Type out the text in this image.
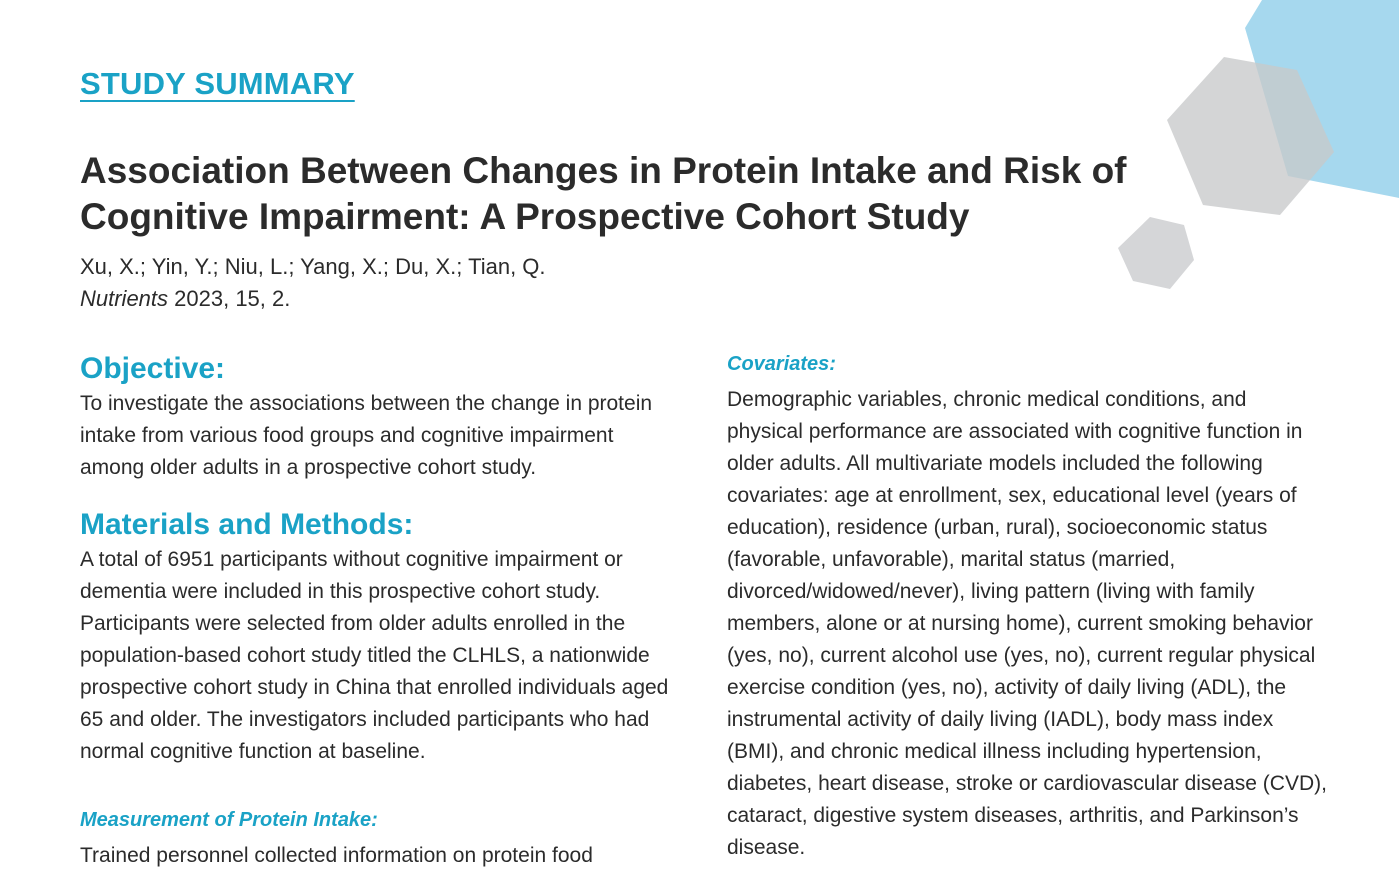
STUDY SUMMARY
Association Between Changes in Protein Intake and Risk of Cognitive Impairment: A Prospective Cohort Study
Xu, X.; Yin, Y.; Niu, L.; Yang, X.; Du, X.; Tian, Q.
Nutrients 2023, 15, 2.
Objective:

To investigate the associations between the change in protein intake from various food groups and cognitive impairment among older adults in a prospective cohort study.

Materials and Methods:

A total of 6951 participants without cognitive impairment or dementia were included in this prospective cohort study. Participants were selected from older adults enrolled in the population-based cohort study titled the CLHLS, a nationwide prospective cohort study in China that enrolled individuals aged 65 and older. The investigators included participants who had normal cognitive function at baseline.

Measurement of Protein Intake:

Trained personnel collected information on protein food

Covariates:

Demographic variables, chronic medical conditions, and physical performance are associated with cognitive function in older adults. All multivariate models included the following covariates: age at enrollment, sex, educational level (years of education), residence (urban, rural), socioeconomic status (favorable, unfavorable), marital status (married, divorced/widowed/never), living pattern (living with family members, alone or at nursing home), current smoking behavior (yes, no), current alcohol use (yes, no), current regular physical exercise condition (yes, no), activity of daily living (ADL), the instrumental activity of daily living (IADL), body mass index (BMI), and chronic medical illness including hypertension, diabetes, heart disease, stroke or cardiovascular disease (CVD), cataract, digestive system diseases, arthritis, and Parkinson’s disease.
